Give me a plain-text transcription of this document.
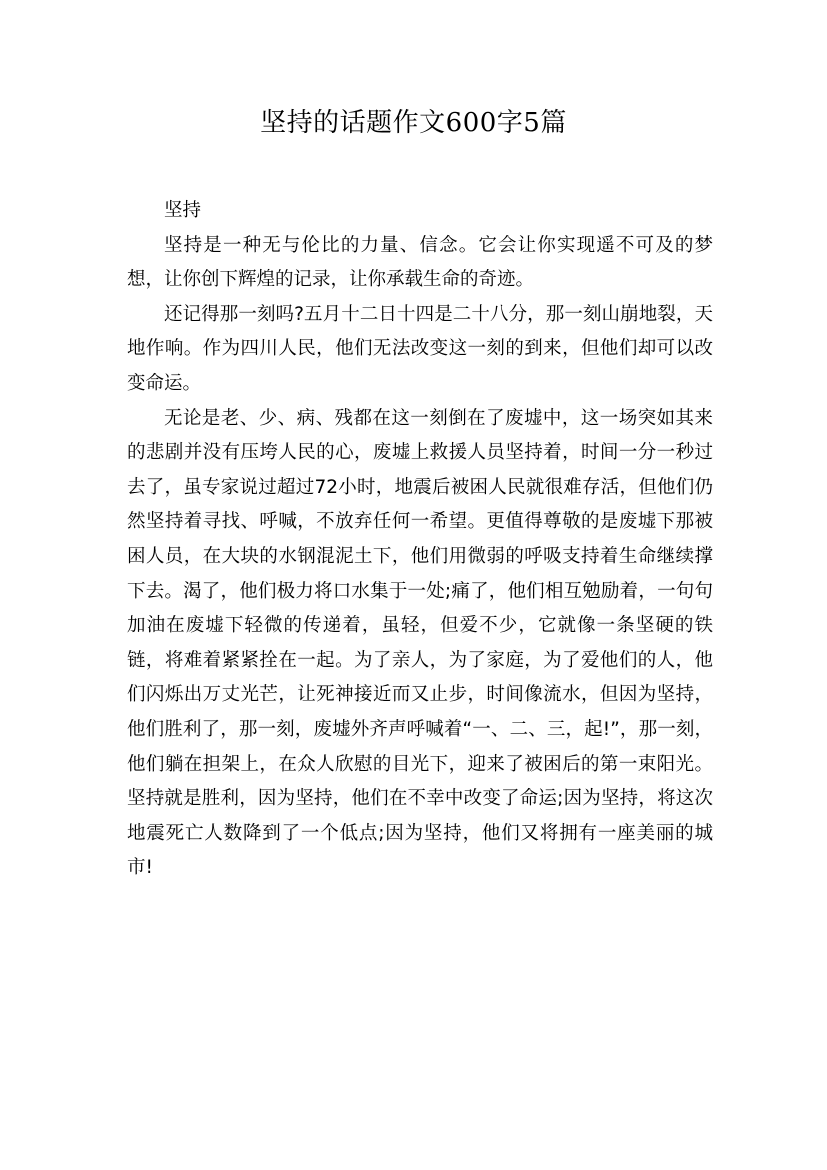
坚持的话题作文600字5篇

坚持

坚持是一种无与伦比的力量、信念。它会让你实现遥不可及的梦想，让你创下辉煌的记录，让你承载生命的奇迹。

还记得那一刻吗?五月十二日十四是二十八分，那一刻山崩地裂，天地作响。作为四川人民，他们无法改变这一刻的到来，但他们却可以改变命运。

无论是老、少、病、残都在这一刻倒在了废墟中，这一场突如其来的悲剧并没有压垮人民的心，废墟上救援人员坚持着，时间一分一秒过去了，虽专家说过超过72小时，地震后被困人民就很难存活，但他们仍然坚持着寻找、呼喊，不放弃任何一希望。更值得尊敬的是废墟下那被困人员，在大块的水钢混泥土下，他们用微弱的呼吸支持着生命继续撑下去。渴了，他们极力将口水集于一处;痛了，他们相互勉励着，一句句加油在废墟下轻微的传递着，虽轻，但爱不少，它就像一条坚硬的铁链，将难着紧紧拴在一起。为了亲人，为了家庭，为了爱他们的人，他们闪烁出万丈光芒，让死神接近而又止步，时间像流水，但因为坚持，他们胜利了，那一刻，废墟外齐声呼喊着“一、二、三，起!”，那一刻，他们躺在担架上，在众人欣慰的目光下，迎来了被困后的第一束阳光。坚持就是胜利，因为坚持，他们在不幸中改变了命运;因为坚持，将这次地震死亡人数降到了一个低点;因为坚持，他们又将拥有一座美丽的城市!
